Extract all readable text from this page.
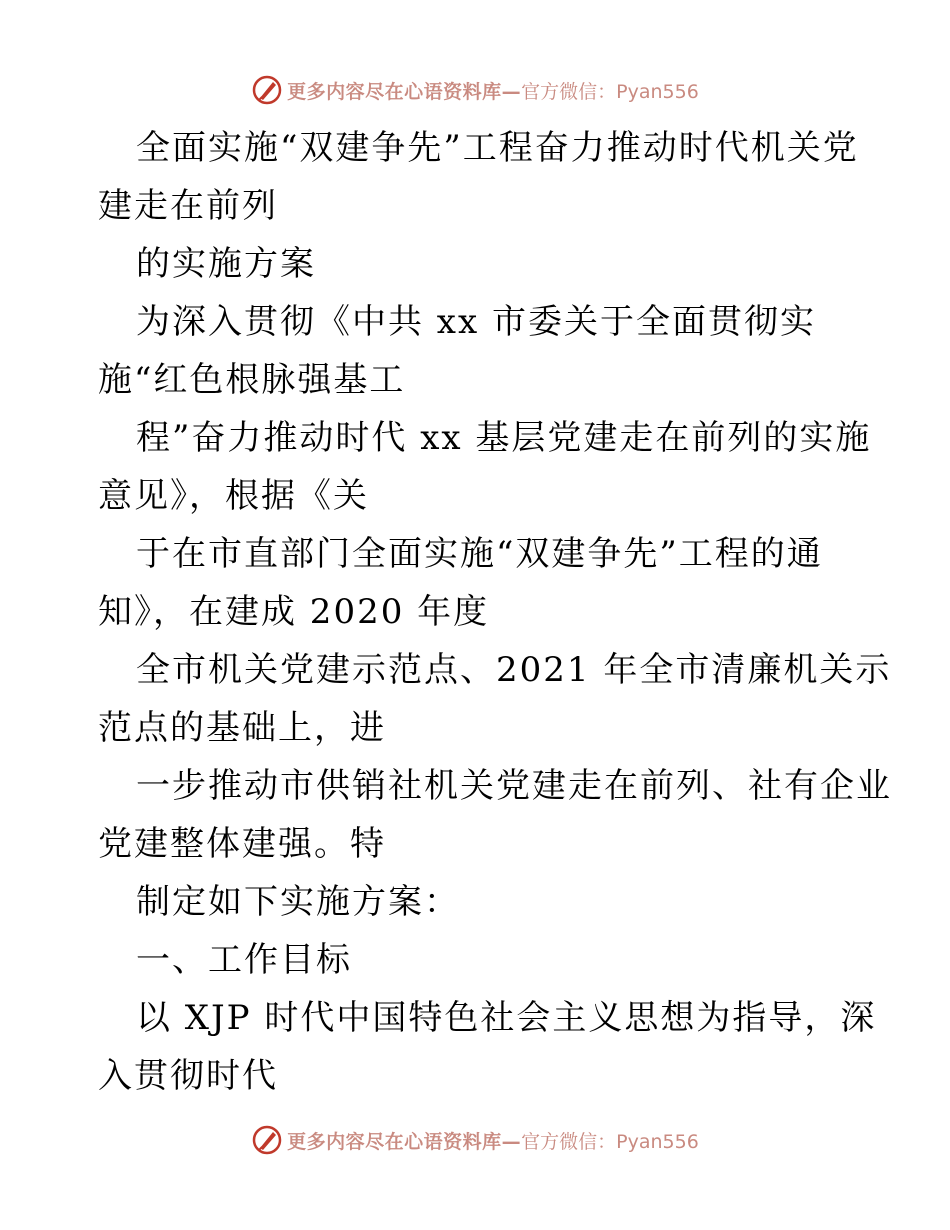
更多内容尽在心语资料库— 官方微信：Pyan556
全面实施“双建争先”工程奋力推动时代机关党
建走在前列
的实施方案
为深入贯彻《中共 xx 市委关于全面贯彻实
施“红色根脉强基工
程”奋力推动时代 xx 基层党建走在前列的实施
意见》，根据《关
于在市直部门全面实施“双建争先”工程的通
知》，在建成 2020 年度
全市机关党建示范点、2021 年全市清廉机关示
范点的基础上，进
一步推动市供销社机关党建走在前列、社有企业
党建整体建强。特
制定如下实施方案：
一、工作目标
以 XJP 时代中国特色社会主义思想为指导，深
入贯彻时代
更多内容尽在心语资料库— 官方微信：Pyan556
